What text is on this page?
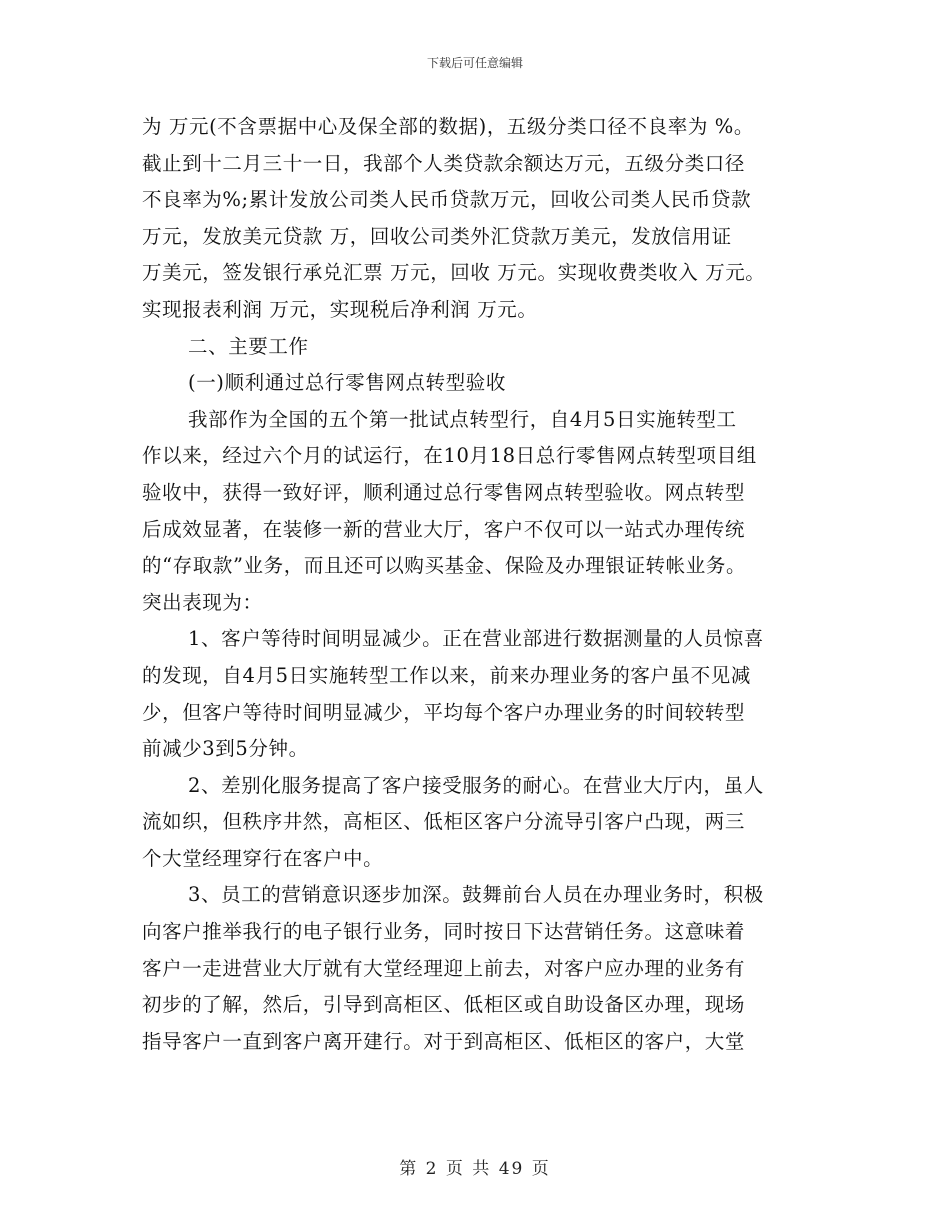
下载后可任意编辑
为 万元(不含票据中心及保全部的数据)，五级分类口径不良率为 %。
截止到十二月三十一日，我部个人类贷款余额达万元，五级分类口径
不良率为%;累计发放公司类人民币贷款万元，回收公司类人民币贷款
万元，发放美元贷款 万，回收公司类外汇贷款万美元，发放信用证
万美元，签发银行承兑汇票 万元，回收 万元。实现收费类收入 万元。
实现报表利润 万元，实现税后净利润 万元。
二、主要工作
(一)顺利通过总行零售网点转型验收
我部作为全国的五个第一批试点转型行，自4月5日实施转型工
作以来，经过六个月的试运行，在10月18日总行零售网点转型项目组
验收中，获得一致好评，顺利通过总行零售网点转型验收。网点转型
后成效显著，在装修一新的营业大厅，客户不仅可以一站式办理传统
的“存取款”业务，而且还可以购买基金、保险及办理银证转帐业务。
突出表现为：
1、客户等待时间明显减少。正在营业部进行数据测量的人员惊喜
的发现，自4月5日实施转型工作以来，前来办理业务的客户虽不见减
少，但客户等待时间明显减少，平均每个客户办理业务的时间较转型
前减少3到5分钟。
2、差别化服务提高了客户接受服务的耐心。在营业大厅内，虽人
流如织，但秩序井然，高柜区、低柜区客户分流导引客户凸现，两三
个大堂经理穿行在客户中。
3、员工的营销意识逐步加深。鼓舞前台人员在办理业务时，积极
向客户推举我行的电子银行业务，同时按日下达营销任务。这意味着
客户一走进营业大厅就有大堂经理迎上前去，对客户应办理的业务有
初步的了解，然后，引导到高柜区、低柜区或自助设备区办理，现场
指导客户一直到客户离开建行。对于到高柜区、低柜区的客户，大堂
第 2 页 共 49 页
